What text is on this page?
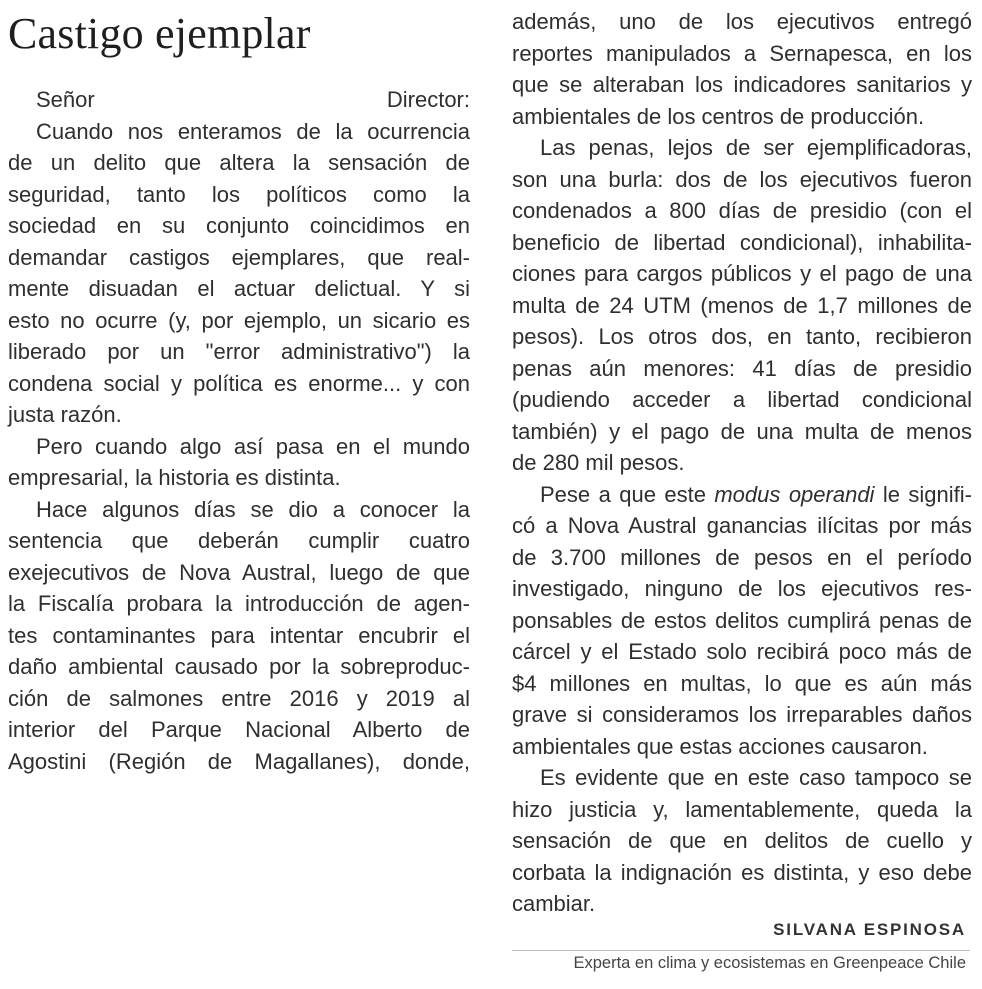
Castigo ejemplar
Señor Director:
Cuando nos enteramos de la ocurrencia
de un delito que altera la sensación de
seguridad, tanto los políticos como la
sociedad en su conjunto coincidimos en
demandar castigos ejemplares, que real-
mente disuadan el actuar delictual. Y si
esto no ocurre (y, por ejemplo, un sicario es
liberado por un "error administrativo") la
condena social y política es enorme... y con
justa razón.
Pero cuando algo así pasa en el mundo
empresarial, la historia es distinta.
Hace algunos días se dio a conocer la
sentencia que deberán cumplir cuatro
exejecutivos de Nova Austral, luego de que
la Fiscalía probara la introducción de agen-
tes contaminantes para intentar encubrir el
daño ambiental causado por la sobreproduc-
ción de salmones entre 2016 y 2019 al
interior del Parque Nacional Alberto de
Agostini (Región de Magallanes), donde,
además, uno de los ejecutivos entregó
reportes manipulados a Sernapesca, en los
que se alteraban los indicadores sanitarios y
ambientales de los centros de producción.
Las penas, lejos de ser ejemplificadoras,
son una burla: dos de los ejecutivos fueron
condenados a 800 días de presidio (con el
beneficio de libertad condicional), inhabilita-
ciones para cargos públicos y el pago de una
multa de 24 UTM (menos de 1,7 millones de
pesos). Los otros dos, en tanto, recibieron
penas aún menores: 41 días de presidio
(pudiendo acceder a libertad condicional
también) y el pago de una multa de menos
de 280 mil pesos.
Pese a que este modus operandi le signifi-
có a Nova Austral ganancias ilícitas por más
de 3.700 millones de pesos en el período
investigado, ninguno de los ejecutivos res-
ponsables de estos delitos cumplirá penas de
cárcel y el Estado solo recibirá poco más de
$4 millones en multas, lo que es aún más
grave si consideramos los irreparables daños
ambientales que estas acciones causaron.
Es evidente que en este caso tampoco se
hizo justicia y, lamentablemente, queda la
sensación de que en delitos de cuello y
corbata la indignación es distinta, y eso debe
cambiar.
SILVANA ESPINOSA
Experta en clima y ecosistemas en Greenpeace Chile
